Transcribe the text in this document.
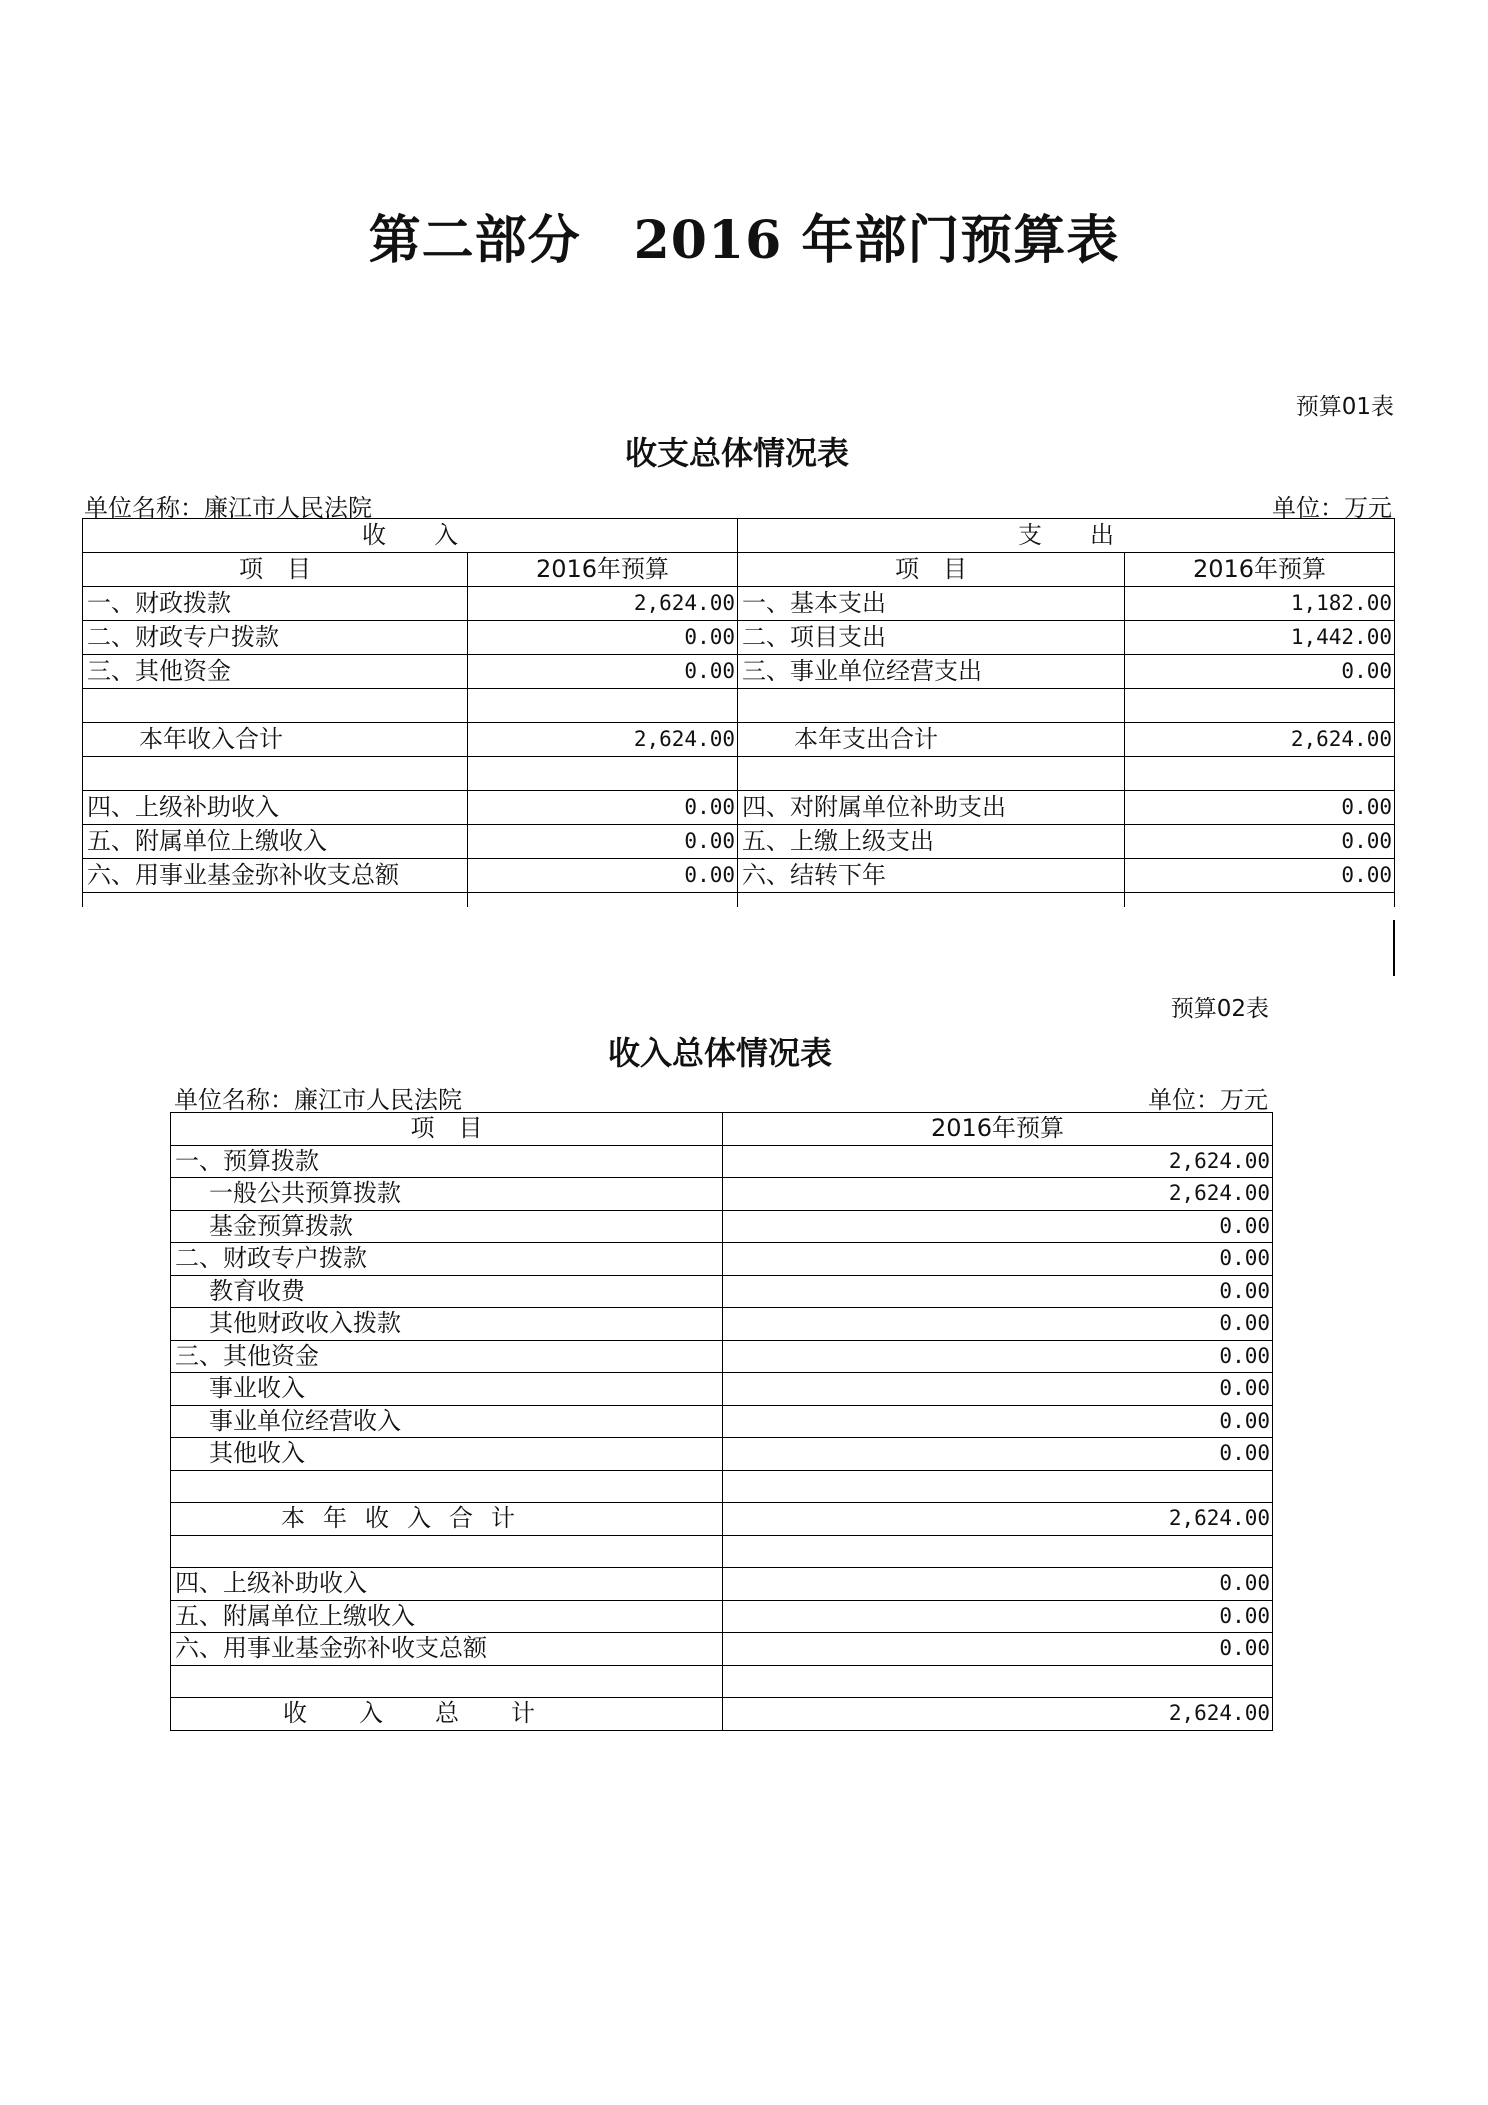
第二部分　2016 年部门预算表
预算01表
收支总体情况表
单位名称：廉江市人民法院	单位：万元
收　　入		支　　出	
项　目	2016年预算	项　目	2016年预算
一、财政拨款	2,624.00	一、基本支出	1,182.00
二、财政专户拨款	0.00	二、项目支出	1,442.00
三、其他资金	0.00	三、事业单位经营支出	0.00

本年收入合计	2,624.00	本年支出合计	2,624.00

四、上级补助收入	0.00	四、对附属单位补助支出	0.00
五、附属单位上缴收入	0.00	五、上缴上级支出	0.00
六、用事业基金弥补收支总额	0.00	六、结转下年	0.00

预算02表
收入总体情况表
单位名称：廉江市人民法院	单位：万元
项　目	2016年预算
一、预算拨款	2,624.00
一般公共预算拨款	2,624.00
基金预算拨款	0.00
二、财政专户拨款	0.00
教育收费	0.00
其他财政收入拨款	0.00
三、其他资金	0.00
事业收入	0.00
事业单位经营收入	0.00
其他收入	0.00

本年收入合计	2,624.00

四、上级补助收入	0.00
五、附属单位上缴收入	0.00
六、用事业基金弥补收支总额	0.00

收入总计	2,624.00
